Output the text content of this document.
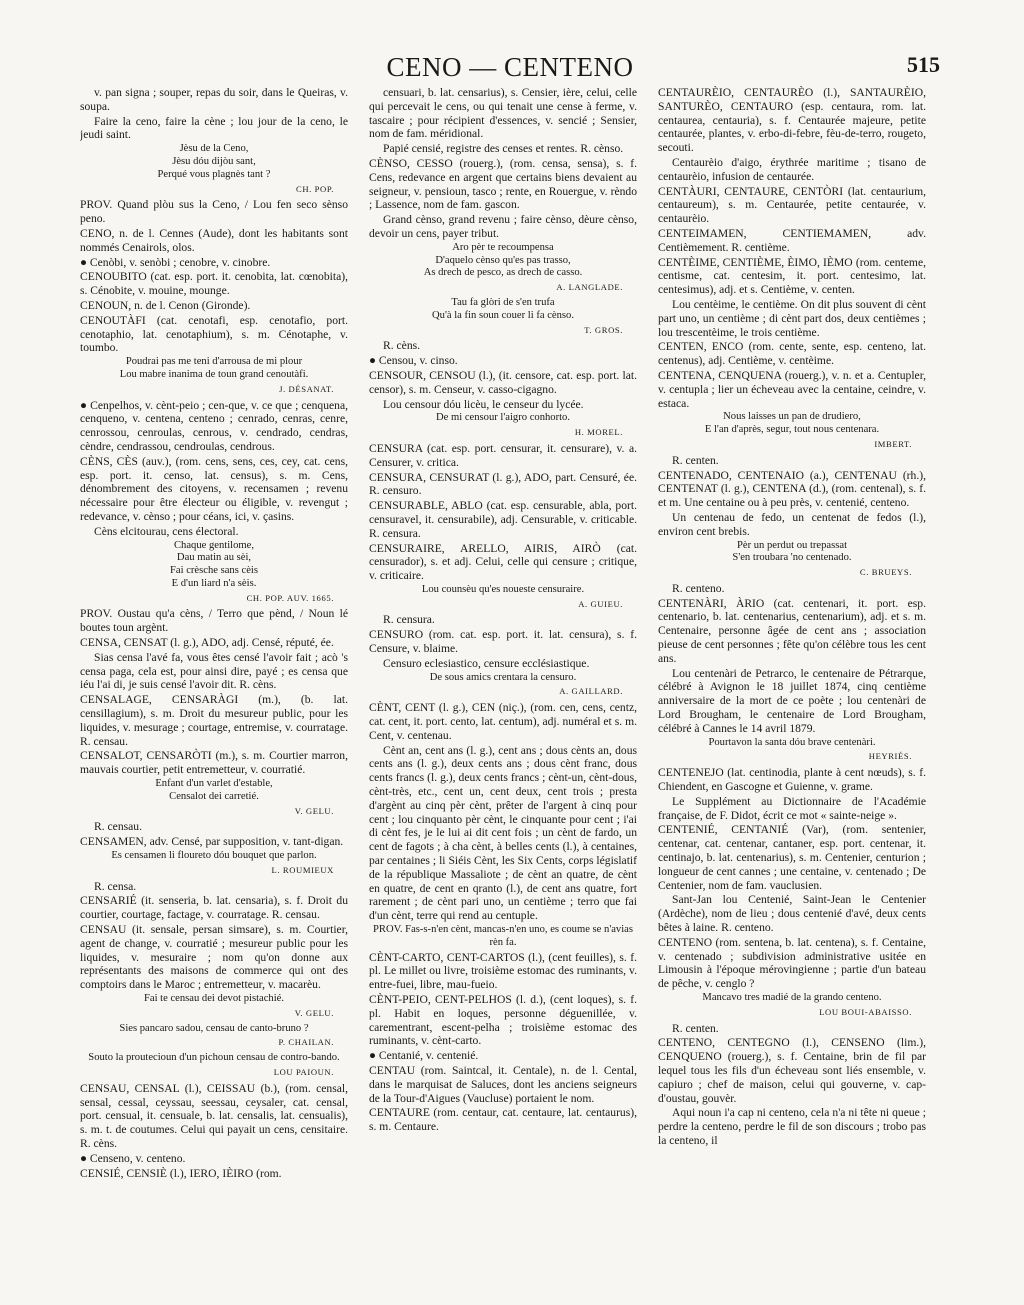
CENO — CENTENO	515

v. pan signa ; souper, repas du soir, dans le Queiras, v. soupa.

Faire la ceno, faire la cène ; lou jour de la ceno, le jeudi saint.

Jèsu de la Ceno,
Jèsu dóu dijòu sant,
Perqué vous plagnès tant ?
CH. POP.

PROV. Quand plòu sus la Ceno, / Lou fen seco sènso peno.

CENO, n. de l. Cennes (Aude), dont les habitants sont nommés Cenairols, olos.

● Cenòbi, v. senòbi ; cenobre, v. cinobre.

CENOUBITO (cat. esp. port. it. cenobita, lat. cœnobita), s. Cénobite, v. mouine, mounge.

CENOUN, n. de l. Cenon (Gironde).

CENOUTÀFI (cat. cenotafi, esp. cenotafio, port. cenotaphio, lat. cenotaphium), s. m. Cénotaphe, v. toumbo.

Poudrai pas me teni d'arrousa de mi plour
Lou mabre inanima de toun grand cenoutàfi.
J. DÉSANAT.

● Cenpelhos, v. cènt-peio ; cen-que, v. ce que ; cenquena, cenqueno, v. centena, centeno ; cenrado, cenras, cenre, cenrossou, cenroulas, cenrous, v. cendrado, cendras, cèndre, cendrassou, cendroulas, cendrous.

CÈNS, CÈS (auv.), (rom. cens, sens, ces, cey, cat. cens, esp. port. it. censo, lat. census), s. m. Cens, dénombrement des citoyens, v. recensamen ; revenu nécessaire pour être électeur ou éligible, v. revengut ; redevance, v. cènso ; pour céans, ici, v. çasins.

Cèns elcitourau, cens électoral.

Chaque gentilome,
Dau matin au sèi,
Fai crèsche sans cèis
E d'un liard n'a sèis.
CH. POP. AUV. 1665.

PROV. Oustau qu'a cèns, / Terro que pènd, / Noun lé boutes toun argènt.

CENSA, CENSAT (l. g.), ADO, adj. Censé, réputé, ée.

Sias censa l'avé fa, vous êtes censé l'avoir fait ; acò 's censa paga, cela est, pour ainsi dire, payé ; es censa que iéu l'ai di, je suis censé l'avoir dit. R. cèns.

CENSALAGE, CENSARÀGI (m.), (b. lat. censillagium), s. m. Droit du mesureur public, pour les liquides, v. mesurage ; courtage, entremise, v. courratage. R. censau.

CENSALOT, CENSARÒTI (m.), s. m. Courtier marron, mauvais courtier, petit entremetteur, v. courratié.

Enfant d'un varlet d'estable,
Censalot dei carretié.
V. GELU.

R. censau.

CENSAMEN, adv. Censé, par supposition, v. tant-digan.

Es censamen li floureto dóu bouquet que parlon.
L. ROUMIEUX

R. censa.

CENSARIÉ (it. senseria, b. lat. censaria), s. f. Droit du courtier, courtage, factage, v. courratage. R. censau.

CENSAU (it. sensale, persan simsare), s. m. Courtier, agent de change, v. courratié ; mesureur public pour les liquides, v. mesuraire ; nom qu'on donne aux représentants des maisons de commerce qui ont des comptoirs dans le Maroc ; entremetteur, v. macarèu.

Fai te censau dei devot pistachié.
V. GELU.
Sies pancaro sadou, censau de canto-bruno ?
P. CHAILAN.
Souto la proutecioun d'un pichoun censau de contro-bando.
LOU PAIOUN.

CENSAU, CENSAL (l.), CEISSAU (b.), (rom. censal, sensal, cessal, ceyssau, seessau, ceysaler, cat. censal, port. censual, it. censuale, b. lat. censalis, lat. censualis), s. m. t. de coutumes. Celui qui payait un cens, censitaire. R. cèns.

● Censeno, v. centeno.

CENSIÉ, CENSIÈ (l.), IERO, IÈIRO (rom.

censuari, b. lat. censarius), s. Censier, ière, celui, celle qui percevait le cens, ou qui tenait une cense à ferme, v. tascaire ; pour récipient d'essences, v. sencié ; Sensier, nom de fam. méridional.

Papié censié, registre des censes et rentes. R. cènso.

CÈNSO, CESSO (rouerg.), (rom. censa, sensa), s. f. Cens, redevance en argent que certains biens devaient au seigneur, v. pensioun, tasco ; rente, en Rouergue, v. rèndo ; Lassence, nom de fam. gascon.

Grand cènso, grand revenu ; faire cènso, dèure cènso, devoir un cens, payer tribut.

Aro pèr te recoumpensa
D'aquelo cènso qu'es pas trasso,
As drech de pesco, as drech de casso.
A. LANGLADE.
Tau fa glòri de s'en trufa
Qu'à la fin soun couer li fa cènso.
T. GROS.

R. cèns.

● Censou, v. cinso.

CENSOUR, CENSOU (l.), (it. censore, cat. esp. port. lat. censor), s. m. Censeur, v. casso-cigagno.

Lou censour dóu licèu, le censeur du lycée.

De mi censour l'aigro conhorto.
H. MOREL.

CENSURA (cat. esp. port. censurar, it. censurare), v. a. Censurer, v. critica.

CENSURA, CENSURAT (l. g.), ADO, part. Censuré, ée. R. censuro.

CENSURABLE, ABLO (cat. esp. censurable, abla, port. censuravel, it. censurabile), adj. Censurable, v. criticable. R. censura.

CENSURAIRE, ARELLO, AIRIS, AIRÒ (cat. censurador), s. et adj. Celui, celle qui censure ; critique, v. criticaire.

Lou counsèu qu'es noueste censuraire.
A. GUIEU.

R. censura.

CENSURO (rom. cat. esp. port. it. lat. censura), s. f. Censure, v. blaime.

Censuro eclesiastico, censure ecclésiastique.

De sous amics crentara la censuro.
A. GAILLARD.

CÈNT, CENT (l. g.), CEN (niç.), (rom. cen, cens, centz, cat. cent, it. port. cento, lat. centum), adj. numéral et s. m. Cent, v. centenau.

Cènt an, cent ans (l. g.), cent ans ; dous cènts an, dous cents ans (l. g.), deux cents ans ; dous cènt franc, dous cents francs (l. g.), deux cents francs ; cènt-un, cènt-dous, cènt-très, etc., cent un, cent deux, cent trois ; presta d'argènt au cinq pèr cènt, prêter de l'argent à cinq pour cent ; lou cinquanto pèr cènt, le cinquante pour cent ; i'ai di cènt fes, je le lui ai dit cent fois ; un cènt de fardo, un cent de fagots ; à cha cènt, à belles cents (l.), à centaines, par centaines ; li Siéis Cènt, les Six Cents, corps législatif de la république Massaliote ; de cènt an quatre, de cènt en quatre, de cent en qranto (l.), de cent ans quatre, fort rarement ; de cènt pari uno, un centième ; terro que fai d'un cènt, terre qui rend au centuple.

PROV. Fas-s-n'en cènt, mancas-n'en uno, es coume se n'avias rèn fa.

CÈNT-CARTO, CENT-CARTOS (l.), (cent feuilles), s. f. pl. Le millet ou livre, troisième estomac des ruminants, v. entre-fuei, libre, mau-fueio.

CÈNT-PEIO, CENT-PELHOS (l. d.), (cent loques), s. f. pl. Habit en loques, personne déguenillée, v. carementrant, escent-pelha ; troisième estomac des ruminants, v. cènt-carto.

● Centanié, v. centenié.

CENTAU (rom. Saintcal, it. Centale), n. de l. Cental, dans le marquisat de Saluces, dont les anciens seigneurs de la Tour-d'Aigues (Vaucluse) portaient le nom.

CENTAURE (rom. centaur, cat. centaure, lat. centaurus), s. m. Centaure.

CENTAURÈIO, CENTAURÈO (l.), SANTAURÈIO, SANTURÈO, CENTAURO (esp. centaura, rom. lat. centaurea, centauria), s. f. Centaurée majeure, petite centaurée, plantes, v. erbo-di-febre, fèu-de-terro, rougeto, secouti.

Centaurèio d'aigo, érythrée maritime ; tisano de centaurèio, infusion de centaurée.

CENTÀURI, CENTAURE, CENTÒRI (lat. centaurium, centaureum), s. m. Centaurée, petite centaurée, v. centaurèio.

CENTEIMAMEN, CENTIEMAMEN, adv. Centièmement. R. centième.

CENTÈIME, CENTIÈME, ÈIMO, IÈMO (rom. centeme, centisme, cat. centesim, it. port. centesimo, lat. centesimus), adj. et s. Centième, v. centen.

Lou centèime, le centième. On dit plus souvent di cènt part uno, un centième ; di cènt part dos, deux centièmes ; lou trescentèime, le trois centième.

CENTEN, ENCO (rom. cente, sente, esp. centeno, lat. centenus), adj. Centième, v. centèime.

CENTENA, CENQUENA (rouerg.), v. n. et a. Centupler, v. centupla ; lier un écheveau avec la centaine, ceindre, v. estaca.

Nous laisses un pan de drudiero,
E l'an d'après, segur, tout nous centenara.
IMBERT.

R. centen.

CENTENADO, CENTENAIO (a.), CENTENAU (rh.), CENTENAT (l. g.), CENTENA (d.), (rom. centenal), s. f. et m. Une centaine ou à peu près, v. centenié, centeno.

Un centenau de fedo, un centenat de fedos (l.), environ cent brebis.

Pèr un perdut ou trepassat
S'en troubara 'no centenado.
C. BRUEYS.

R. centeno.

CENTENÀRI, ÀRIO (cat. centenari, it. port. esp. centenario, b. lat. centenarius, centenarium), adj. et s. m. Centenaire, personne âgée de cent ans ; association pieuse de cent personnes ; fête qu'on célèbre tous les cent ans.

Lou centenàri de Petrarco, le centenaire de Pétrarque, célébré à Avignon le 18 juillet 1874, cinq centième anniversaire de la mort de ce poète ; lou centenàri de Lord Brougham, le centenaire de Lord Brougham, célébré à Cannes le 14 avril 1879.

Pourtavon la santa dóu brave centenàri.
HEYRIÉS.

CENTENEJO (lat. centinodia, plante à cent nœuds), s. f. Chiendent, en Gascogne et Guienne, v. grame.

Le Supplément au Dictionnaire de l'Académie française, de F. Didot, écrit ce mot « sainte-neige ».

CENTENIÉ, CENTANIÉ (Var), (rom. sentenier, centenar, cat. centenar, cantaner, esp. port. centenar, it. centinajo, b. lat. centenarius), s. m. Centenier, centurion ; longueur de cent cannes ; une centaine, v. centenado ; De Centenier, nom de fam. vauclusien.

Sant-Jan lou Centenié, Saint-Jean le Centenier (Ardèche), nom de lieu ; dous centenié d'avé, deux cents bêtes à laine. R. centeno.

CENTENO (rom. sentena, b. lat. centena), s. f. Centaine, v. centenado ; subdivision administrative usitée en Limousin à l'époque mérovingienne ; partie d'un bateau de pêche, v. cenglo ?

Mancavo tres madié de la grando centeno.
LOU BOUI-ABAISSO.

R. centen.

CENTENO, CENTEGNO (l.), CENSENO (lim.), CENQUENO (rouerg.), s. f. Centaine, brin de fil par lequel tous les fils d'un écheveau sont liés ensemble, v. capiuro ; chef de maison, celui qui gouverne, v. cap-d'oustau, gouvèr.

Aqui noun i'a cap ni centeno, cela n'a ni tête ni queue ; perdre la centeno, perdre le fil de son discours ; trobo pas la centeno, il
